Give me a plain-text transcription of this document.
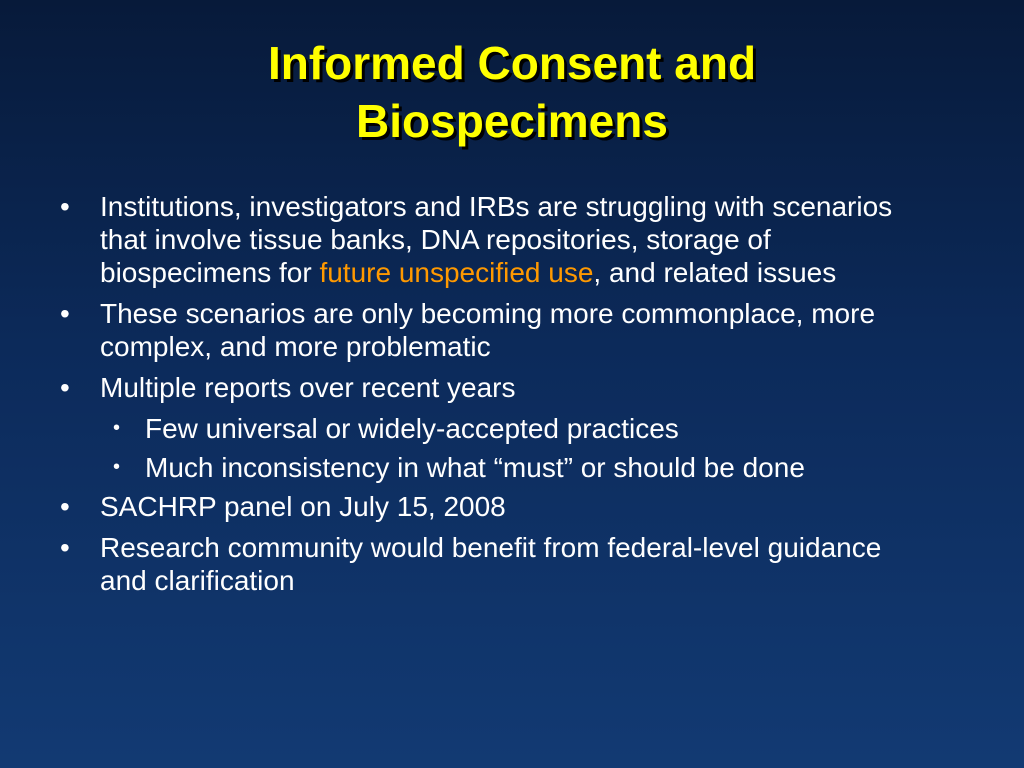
Informed Consent and
Biospecimens
• Institutions, investigators and IRBs are struggling with scenarios that involve tissue banks, DNA repositories, storage of biospecimens for future unspecified use, and related issues
• These scenarios are only becoming more commonplace, more complex, and more problematic
• Multiple reports over recent years
• Few universal or widely-accepted practices
• Much inconsistency in what “must” or should be done
• SACHRP panel on July 15, 2008
• Research community would benefit from federal-level guidance and clarification
